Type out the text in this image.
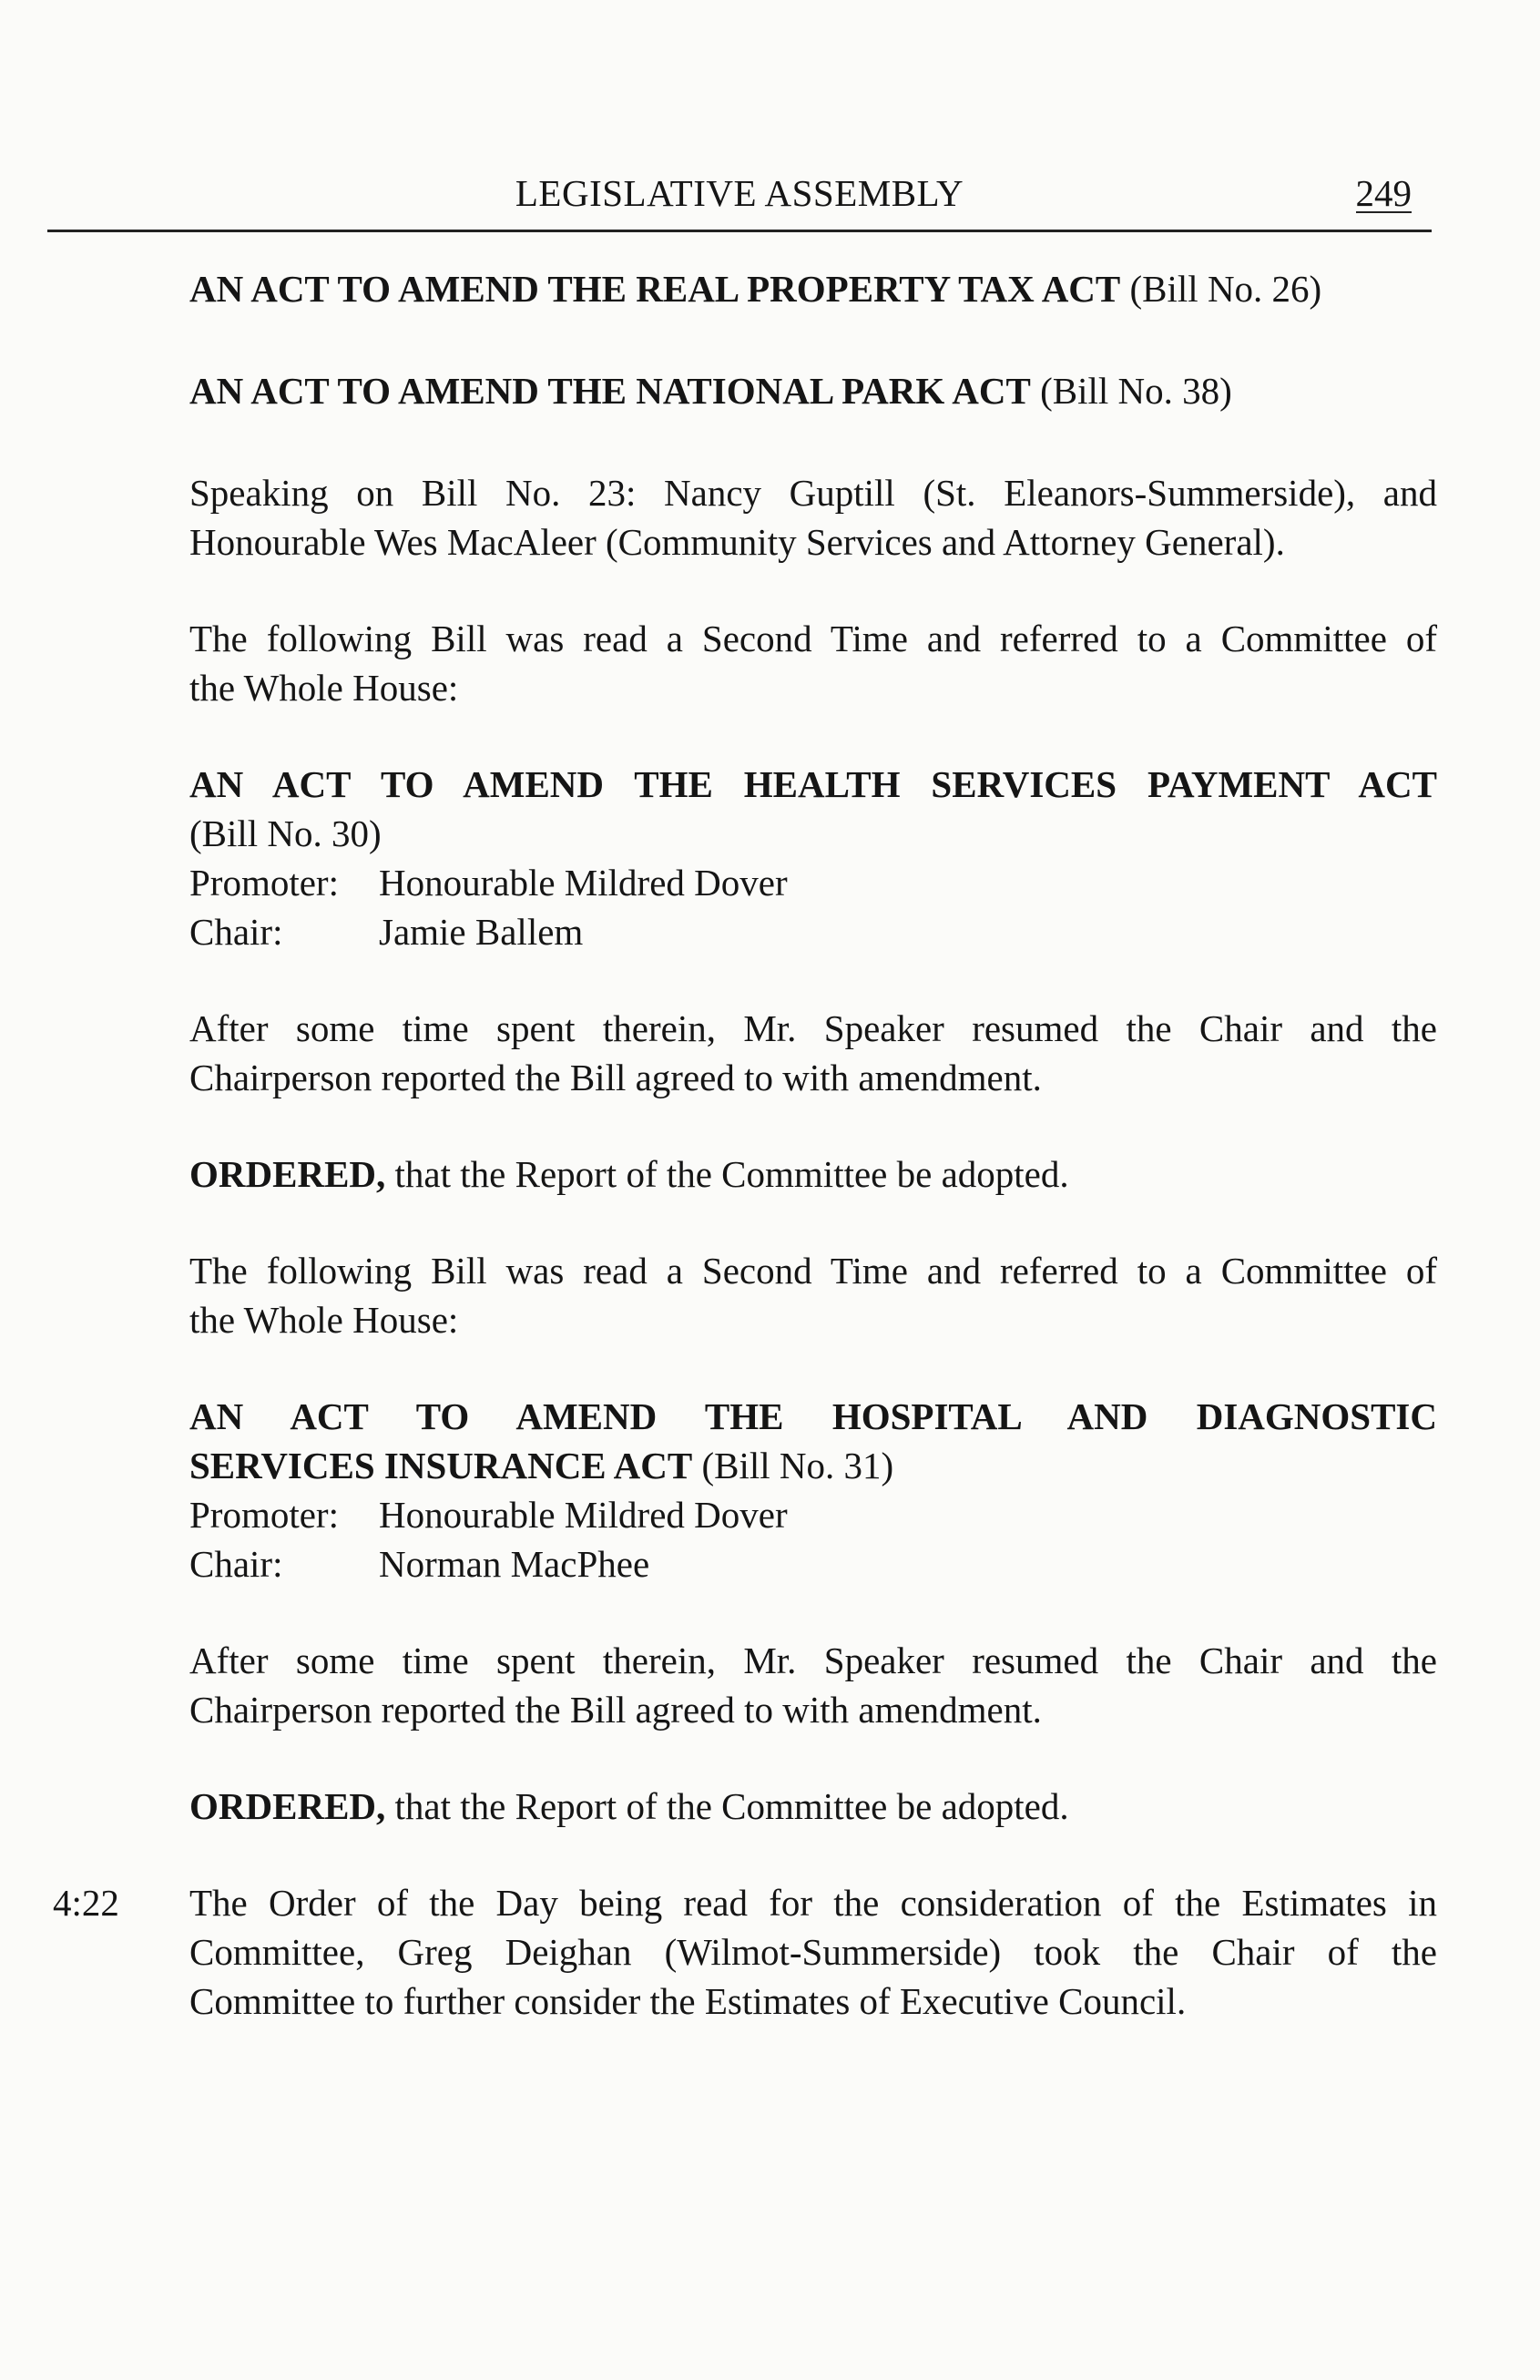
LEGISLATIVE ASSEMBLY	249
AN ACT TO AMEND THE REAL PROPERTY TAX ACT (Bill No. 26)
AN ACT TO AMEND THE NATIONAL PARK ACT (Bill No. 38)

Speaking on Bill No. 23: Nancy Guptill (St. Eleanors-Summerside), and

Honourable Wes MacAleer (Community Services and Attorney General).

The following Bill was read a Second Time and referred to a Committee of

the Whole House:

AN ACT TO AMEND THE HEALTH SERVICES PAYMENT ACT

(Bill No. 30)

Promoter:	Honourable Mildred Dover
Chair:	Jamie Ballem

After some time spent therein, Mr. Speaker resumed the Chair and the

Chairperson reported the Bill agreed to with amendment.

ORDERED, that the Report of the Committee be adopted.

The following Bill was read a Second Time and referred to a Committee of

the Whole House:

AN ACT TO AMEND THE HOSPITAL AND DIAGNOSTIC

SERVICES INSURANCE ACT (Bill No. 31)

Promoter:	Honourable Mildred Dover
Chair:	Norman MacPhee

After some time spent therein, Mr. Speaker resumed the Chair and the

Chairperson reported the Bill agreed to with amendment.

ORDERED, that the Report of the Committee be adopted.
4:22 The Order of the Day being read for the consideration of the Estimates in

Committee, Greg Deighan (Wilmot-Summerside) took the Chair of the

Committee to further consider the Estimates of Executive Council.
